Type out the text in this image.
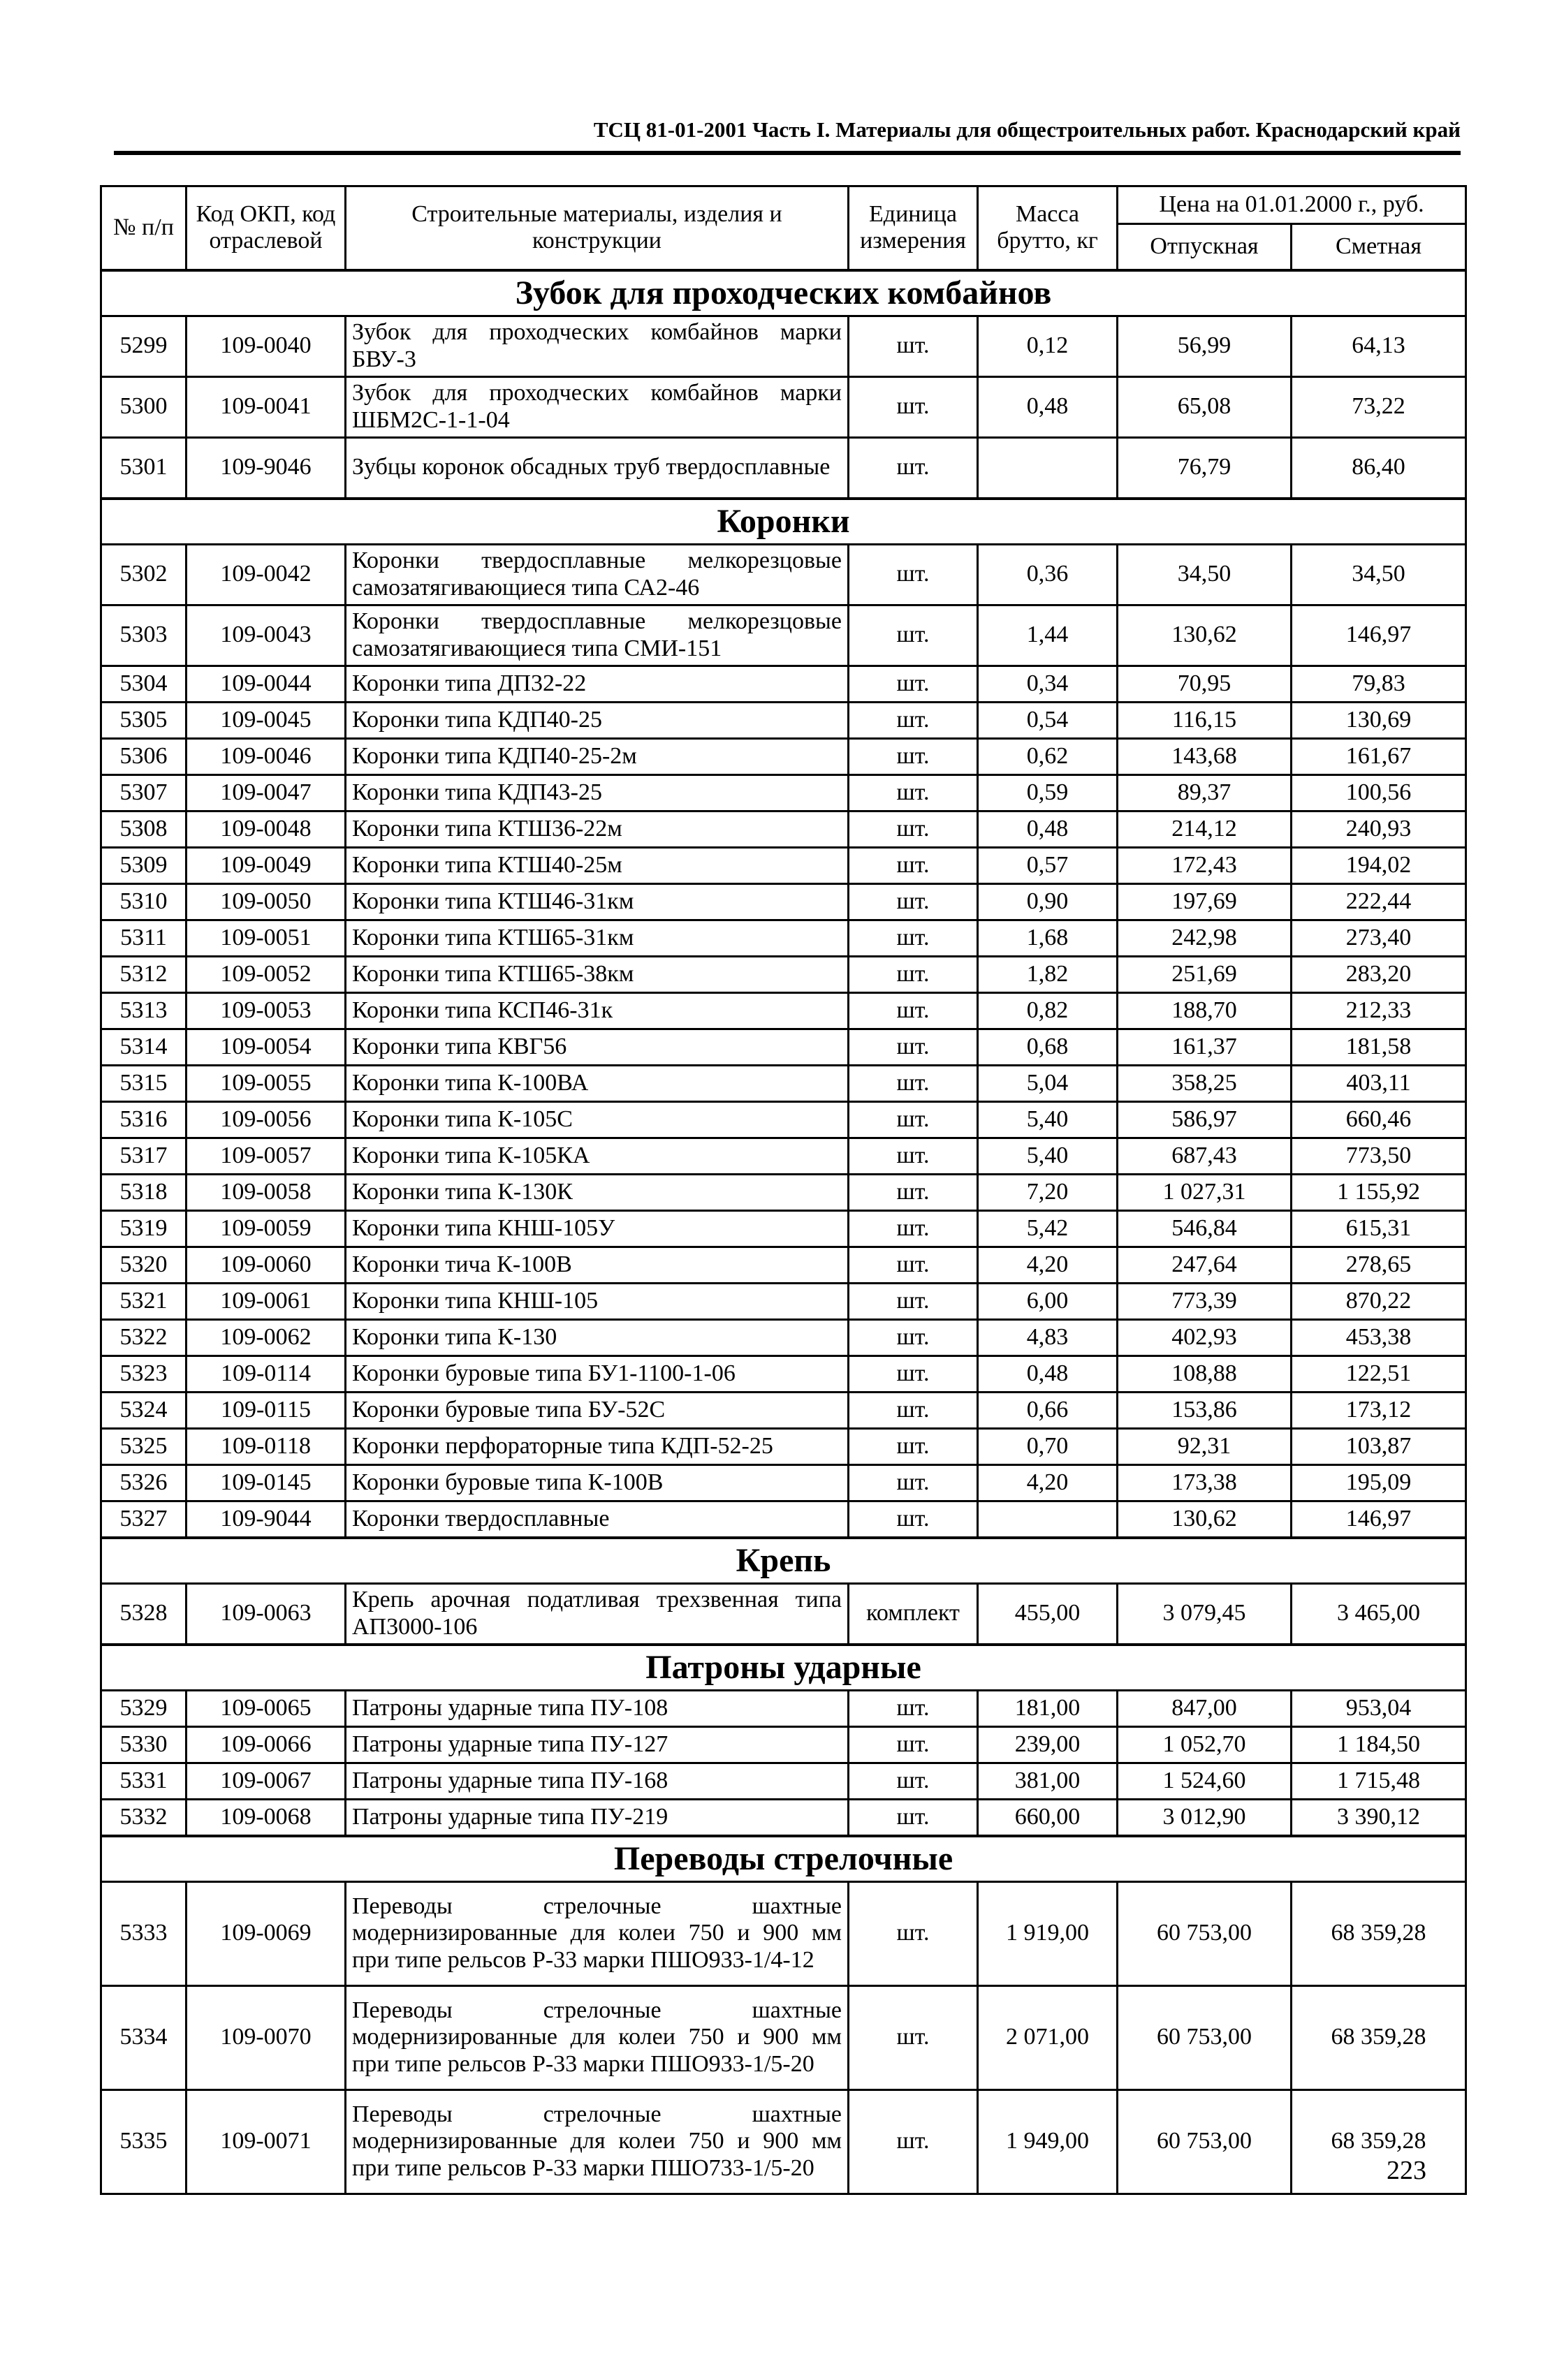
ТСЦ 81-01-2001 Часть I. Материалы для общестроительных работ. Краснодарский край
№ п/п	Код ОКП, код отраслевой	Строительные материалы, изделия и конструкции	Единица измерения	Масса брутто, кг	Цена на 01.01.2000 г., руб.	
					Отпускная	Сметная
Зубок для проходческих комбайнов						
5299	109-0040	Зубок для проходческих комбайнов марки БВУ-3	шт.	0,12	56,99	64,13
5300	109-0041	Зубок для проходческих комбайнов марки ШБМ2С-1-1-04	шт.	0,48	65,08	73,22
5301	109-9046	Зубцы коронок обсадных труб твердосплавные	шт.		76,79	86,40
Коронки						
5302	109-0042	Коронки твердосплавные мелкорезцовые самозатягивающиеся типа СА2-46	шт.	0,36	34,50	34,50
5303	109-0043	Коронки твердосплавные мелкорезцовые самозатягивающиеся типа СМИ-151	шт.	1,44	130,62	146,97
5304	109-0044	Коронки типа ДП32-22	шт.	0,34	70,95	79,83
5305	109-0045	Коронки типа КДП40-25	шт.	0,54	116,15	130,69
5306	109-0046	Коронки типа КДП40-25-2м	шт.	0,62	143,68	161,67
5307	109-0047	Коронки типа КДП43-25	шт.	0,59	89,37	100,56
5308	109-0048	Коронки типа КТШ36-22м	шт.	0,48	214,12	240,93
5309	109-0049	Коронки типа КТШ40-25м	шт.	0,57	172,43	194,02
5310	109-0050	Коронки типа КТШ46-31км	шт.	0,90	197,69	222,44
5311	109-0051	Коронки типа КТШ65-31км	шт.	1,68	242,98	273,40
5312	109-0052	Коронки типа КТШ65-38км	шт.	1,82	251,69	283,20
5313	109-0053	Коронки типа КСП46-31к	шт.	0,82	188,70	212,33
5314	109-0054	Коронки типа КВГ56	шт.	0,68	161,37	181,58
5315	109-0055	Коронки типа К-100ВА	шт.	5,04	358,25	403,11
5316	109-0056	Коронки типа К-105С	шт.	5,40	586,97	660,46
5317	109-0057	Коронки типа К-105КА	шт.	5,40	687,43	773,50
5318	109-0058	Коронки типа К-130К	шт.	7,20	1 027,31	1 155,92
5319	109-0059	Коронки типа КНШ-105У	шт.	5,42	546,84	615,31
5320	109-0060	Коронки тича К-100В	шт.	4,20	247,64	278,65
5321	109-0061	Коронки типа КНШ-105	шт.	6,00	773,39	870,22
5322	109-0062	Коронки типа К-130	шт.	4,83	402,93	453,38
5323	109-0114	Коронки буровые типа БУ1-1100-1-06	шт.	0,48	108,88	122,51
5324	109-0115	Коронки буровые типа БУ-52С	шт.	0,66	153,86	173,12
5325	109-0118	Коронки перфораторные типа КДП-52-25	шт.	0,70	92,31	103,87
5326	109-0145	Коронки буровые типа К-100В	шт.	4,20	173,38	195,09
5327	109-9044	Коронки твердосплавные	шт.		130,62	146,97
Крепь						
5328	109-0063	Крепь арочная податливая трехзвенная типа АП3000-106	комплект	455,00	3 079,45	3 465,00
Патроны ударные						
5329	109-0065	Патроны ударные типа ПУ-108	шт.	181,00	847,00	953,04
5330	109-0066	Патроны ударные типа ПУ-127	шт.	239,00	1 052,70	1 184,50
5331	109-0067	Патроны ударные типа ПУ-168	шт.	381,00	1 524,60	1 715,48
5332	109-0068	Патроны ударные типа ПУ-219	шт.	660,00	3 012,90	3 390,12
Переводы стрелочные						
5333	109-0069	Переводы стрелочные шахтные модернизированные для колеи 750 и 900 мм при типе рельсов Р-33 марки ПШО933-1/4-12	шт.	1 919,00	60 753,00	68 359,28
5334	109-0070	Переводы стрелочные шахтные модернизированные для колеи 750 и 900 мм при типе рельсов Р-33 марки ПШО933-1/5-20	шт.	2 071,00	60 753,00	68 359,28
5335	109-0071	Переводы стрелочные шахтные модернизированные для колеи 750 и 900 мм при типе рельсов Р-33 марки ПШО733-1/5-20	шт.	1 949,00	60 753,00	68 359,28
223
